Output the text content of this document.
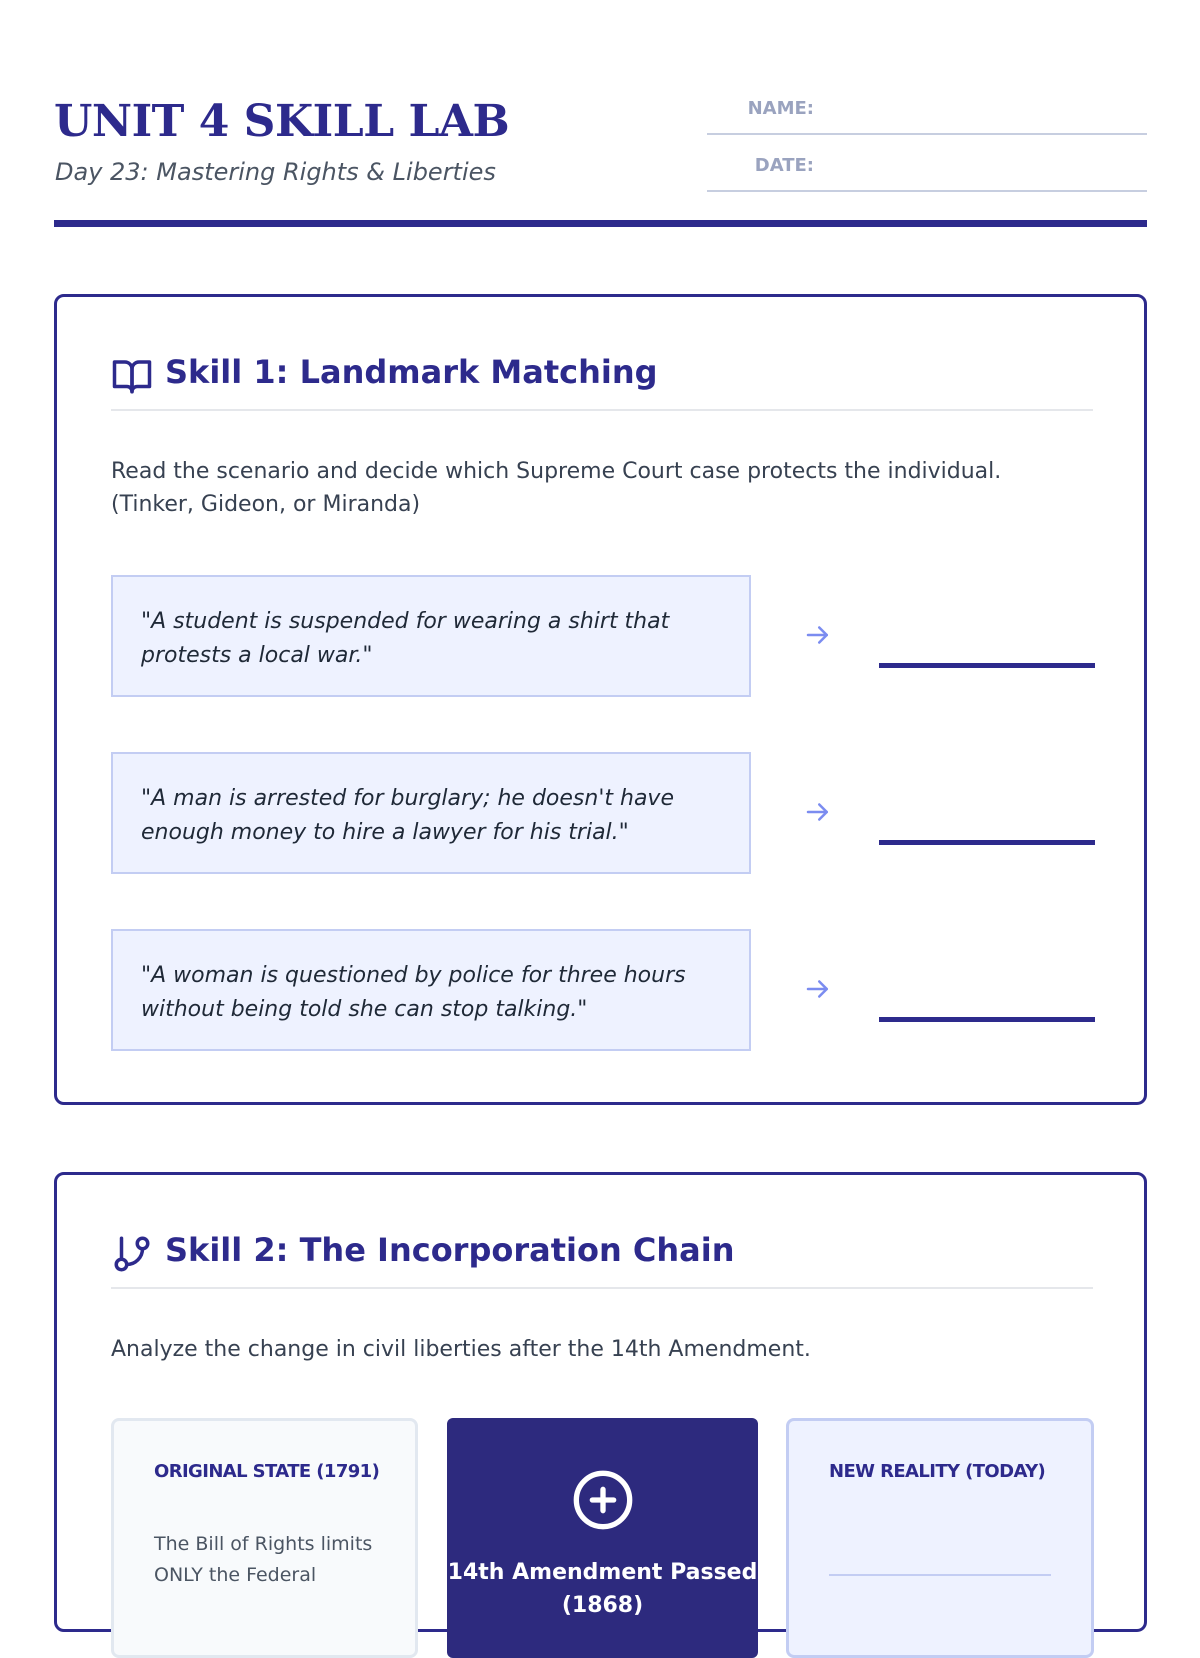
UNIT 4 SKILL LAB
Day 23: Mastering Rights & Liberties
NAME:
DATE:
Skill 1: Landmark Matching
Read the scenario and decide which Supreme Court case protects the individual. (Tinker, Gideon, or Miranda)
"A student is suspended for wearing a shirt that protests a local war."
"A man is arrested for burglary; he doesn't have enough money to hire a lawyer for his trial."
"A woman is questioned by police for three hours without being told she can stop talking."
Skill 2: The Incorporation Chain
Analyze the change in civil liberties after the 14th Amendment.
ORIGINAL STATE (1791)
The Bill of Rights limits ONLY the Federal	14th Amendment Passed (1868)
NEW REALITY (TODAY)
